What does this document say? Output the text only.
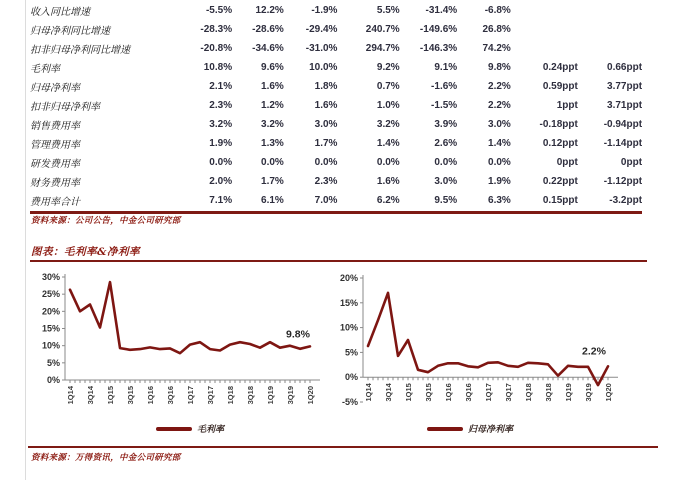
收入同比增速	-5.5%	12.2%	-1.9%	5.5%	-31.4%	-6.8%
归母净利同比增速	-28.3%	-28.6%	-29.4%	240.7%	-149.6%	26.8%
扣非归母净利同比增速	-20.8%	-34.6%	-31.0%	294.7%	-146.3%	74.2%
毛利率	10.8%	9.6%	10.0%	9.2%	9.1%	9.8%	0.24ppt	0.66ppt
归母净利率	2.1%	1.6%	1.8%	0.7%	-1.6%	2.2%	0.59ppt	3.77ppt
扣非归母净利率	2.3%	1.2%	1.6%	1.0%	-1.5%	2.2%	1ppt	3.71ppt
销售费用率	3.2%	3.2%	3.0%	3.2%	3.9%	3.0%	-0.18ppt	-0.94ppt
管理费用率	1.9%	1.3%	1.7%	1.4%	2.6%	1.4%	0.12ppt	-1.14ppt
研发费用率	0.0%	0.0%	0.0%	0.0%	0.0%	0.0%	0ppt	0ppt
财务费用率	2.0%	1.7%	2.3%	1.6%	3.0%	1.9%	0.22ppt	-1.12ppt
费用率合计	7.1%	6.1%	7.0%	6.2%	9.5%	6.3%	0.15ppt	-3.2ppt
资料来源：公司公告，中金公司研究部
图表：毛利率&净利率
30%
25%
20%
15%
10%
5%
0%
1Q14 3Q14 1Q15 3Q15 1Q16 3Q16 1Q17 3Q17 1Q18 3Q18 1Q19 3Q19 1Q20
9.8%
20%
15%
10%
5%
0%
-5%
1Q14 3Q14 1Q15 3Q15 1Q16 3Q16 1Q17 3Q17 1Q18 3Q18 1Q19 3Q19 1Q20
2.2%
毛利率	归母净利率
资料来源：万得资讯，中金公司研究部
